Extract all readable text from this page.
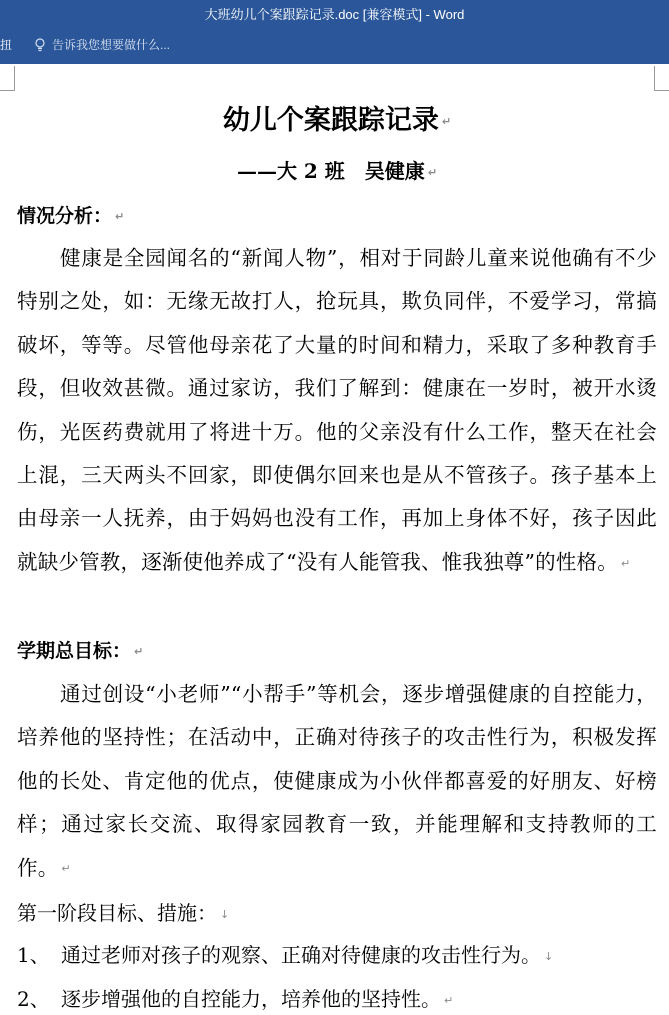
大班幼儿个案跟踪记录.doc [兼容模式] - Word
扭	告诉我您想要做什么...
幼儿个案跟踪记录 ↵
——大 2 班　吴健康 ↵
情况分析： ↵
健康是全园闻名的“新闻人物”，相对于同龄儿童来说他确有不少特别之处，如：无缘无故打人，抢玩具，欺负同伴，不爱学习，常搞破坏，等等。尽管他母亲花了大量的时间和精力，采取了多种教育手段，但收效甚微。通过家访，我们了解到：健康在一岁时，被开水烫伤，光医药费就用了将进十万。他的父亲没有什么工作，整天在社会上混，三天两头不回家，即使偶尔回来也是从不管孩子。孩子基本上由母亲一人抚养，由于妈妈也没有工作，再加上身体不好，孩子因此就缺少管教，逐渐使他养成了“没有人能管我、惟我独尊”的性格。 ↵
学期总目标： ↵
通过创设“小老师”“小帮手”等机会，逐步增强健康的自控能力，培养他的坚持性；在活动中，正确对待孩子的攻击性行为，积极发挥他的长处、肯定他的优点，使健康成为小伙伴都喜爱的好朋友、好榜样；通过家长交流、取得家园教育一致，并能理解和支持教师的工作。 ↵
第一阶段目标、措施： ↓
1、 通过老师对孩子的观察、正确对待健康的攻击性行为。 ↓
2、 逐步增强他的自控能力，培养他的坚持性。 ↵
